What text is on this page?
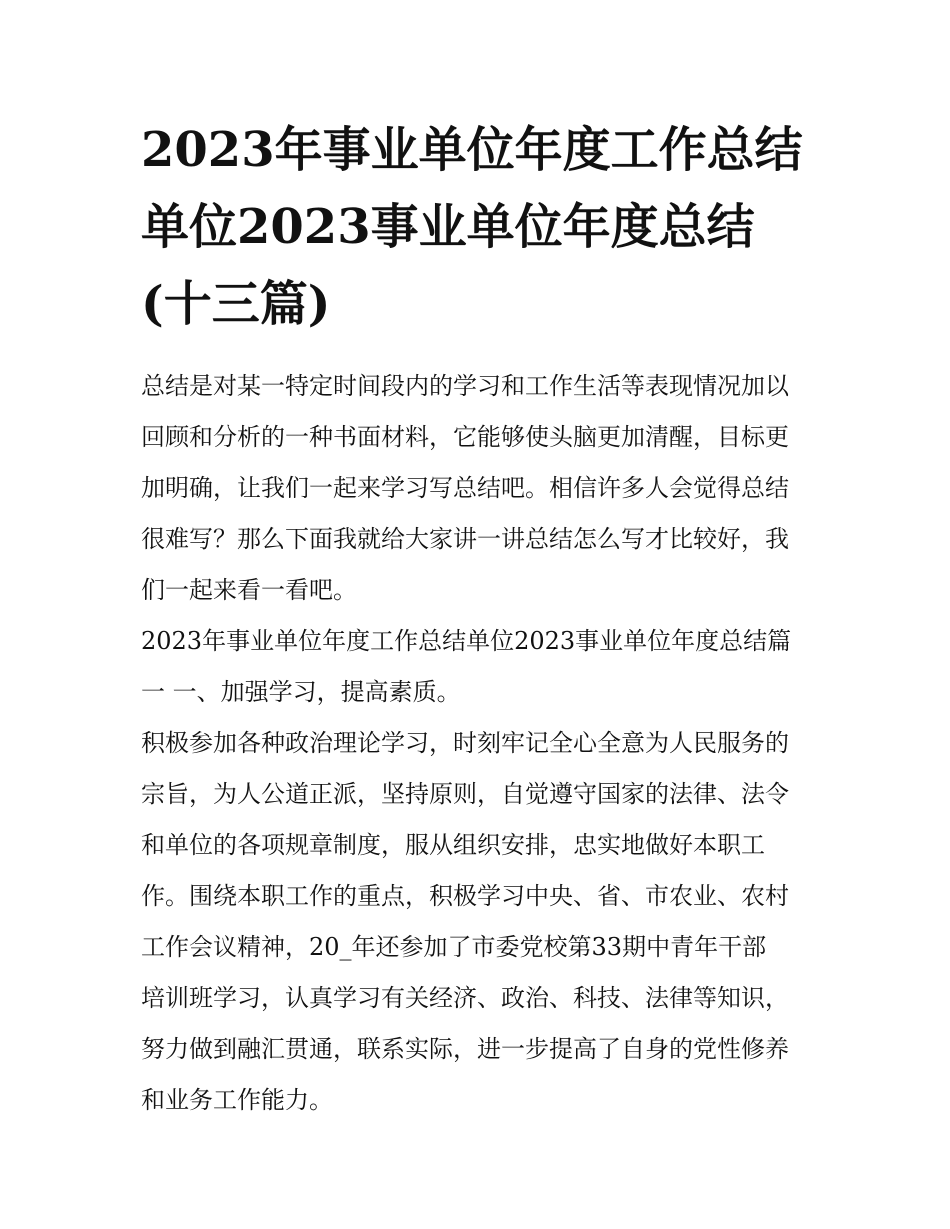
2023年事业单位年度工作总结
单位2023事业单位年度总结
(十三篇)

总结是对某一特定时间段内的学习和工作生活等表现情况加以
回顾和分析的一种书面材料，它能够使头脑更加清醒，目标更
加明确，让我们一起来学习写总结吧。相信许多人会觉得总结
很难写？那么下面我就给大家讲一讲总结怎么写才比较好，我
们一起来看一看吧。

2023年事业单位年度工作总结单位2023事业单位年度总结篇
一 一、加强学习，提高素质。

积极参加各种政治理论学习，时刻牢记全心全意为人民服务的
宗旨，为人公道正派，坚持原则，自觉遵守国家的法律、法令
和单位的各项规章制度，服从组织安排，忠实地做好本职工
作。围绕本职工作的重点，积极学习中央、省、市农业、农村
工作会议精神，20_年还参加了市委党校第33期中青年干部
培训班学习，认真学习有关经济、政治、科技、法律等知识，
努力做到融汇贯通，联系实际，进一步提高了自身的党性修养
和业务工作能力。
